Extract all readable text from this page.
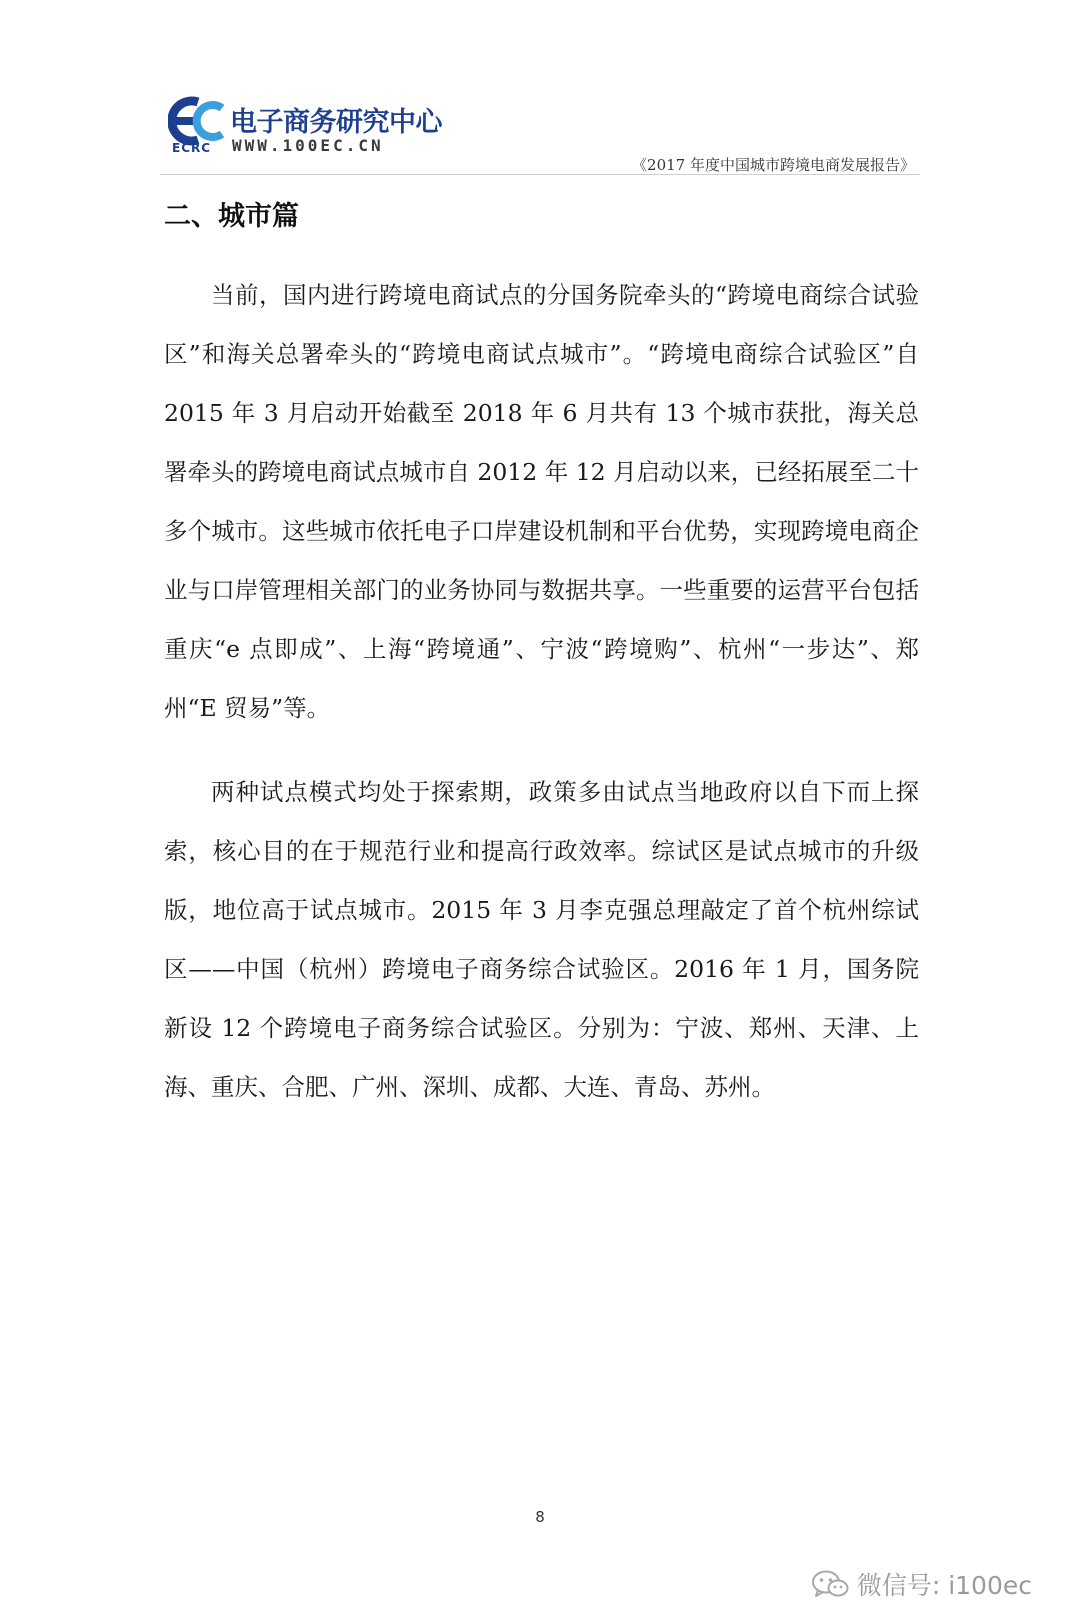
ECRC
电子商务研究中心
WWW.100EC.CN
《2017 年度中国城市跨境电商发展报告》
二、城市篇

当前，国内进行跨境电商试点的分国务院牵头的“跨境电商综合试验区”和海关总署牵头的“跨境电商试点城市”。“跨境电商综合试验区”自 2015 年 3 月启动开始截至 2018 年 6 月共有 13 个城市获批，海关总署牵头的跨境电商试点城市自 2012 年 12 月启动以来，已经拓展至二十多个城市。这些城市依托电子口岸建设机制和平台优势，实现跨境电商企业与口岸管理相关部门的业务协同与数据共享。一些重要的运营平台包括重庆“e 点即成”、上海“跨境通”、宁波“跨境购”、杭州“一步达”、郑州“E 贸易”等。

两种试点模式均处于探索期，政策多由试点当地政府以自下而上探索，核心目的在于规范行业和提高行政效率。综试区是试点城市的升级版，地位高于试点城市。2015 年 3 月李克强总理敲定了首个杭州综试区——中国（杭州）跨境电子商务综合试验区。2016 年 1 月，国务院新设 12 个跨境电子商务综合试验区。分别为：宁波、郑州、天津、上海、重庆、合肥、广州、深圳、成都、大连、青岛、苏州。

8
微信号: i100ec
